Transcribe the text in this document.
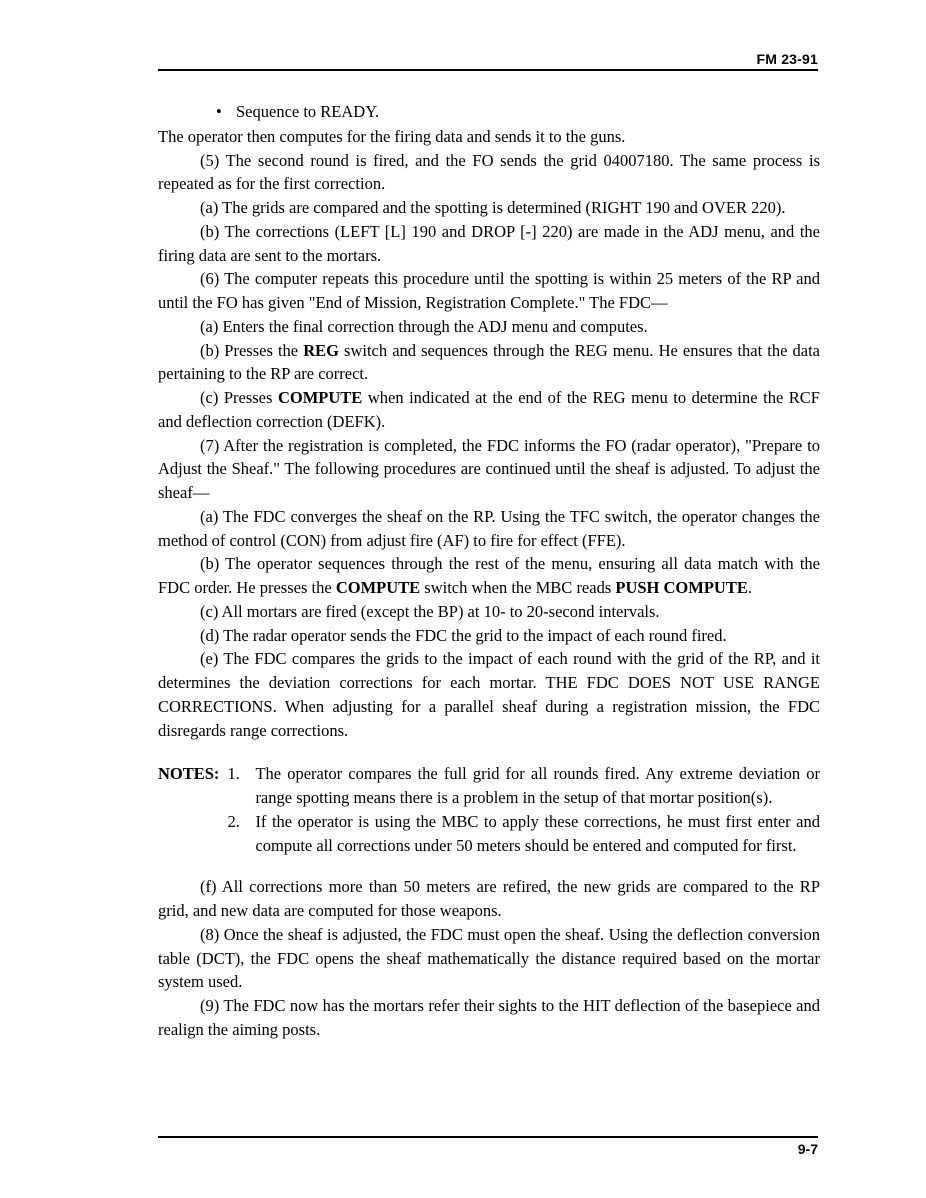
FM 23-91

• Sequence to READY.

The operator then computes for the firing data and sends it to the guns.

(5) The second round is fired, and the FO sends the grid 04007180. The same process is repeated as for the first correction.

(a) The grids are compared and the spotting is determined (RIGHT 190 and OVER 220).

(b) The corrections (LEFT [L] 190 and DROP [-] 220) are made in the ADJ menu, and the firing data are sent to the mortars.

(6) The computer repeats this procedure until the spotting is within 25 meters of the RP and until the FO has given "End of Mission, Registration Complete." The FDC—

(a) Enters the final correction through the ADJ menu and computes.

(b) Presses the REG switch and sequences through the REG menu. He ensures that the data pertaining to the RP are correct.

(c) Presses COMPUTE when indicated at the end of the REG menu to determine the RCF and deflection correction (DEFK).

(7) After the registration is completed, the FDC informs the FO (radar operator), "Prepare to Adjust the Sheaf." The following procedures are continued until the sheaf is adjusted. To adjust the sheaf—

(a) The FDC converges the sheaf on the RP. Using the TFC switch, the operator changes the method of control (CON) from adjust fire (AF) to fire for effect (FFE).

(b) The operator sequences through the rest of the menu, ensuring all data match with the FDC order. He presses the COMPUTE switch when the MBC reads PUSH COMPUTE.

(c) All mortars are fired (except the BP) at 10- to 20-second intervals.

(d) The radar operator sends the FDC the grid to the impact of each round fired.

(e) The FDC compares the grids to the impact of each round with the grid of the RP, and it determines the deviation corrections for each mortar. THE FDC DOES NOT USE RANGE CORRECTIONS. When adjusting for a parallel sheaf during a registration mission, the FDC disregards range corrections.

NOTES: 1. The operator compares the full grid for all rounds fired. Any extreme deviation or range spotting means there is a problem in the setup of that mortar position(s).
2. If the operator is using the MBC to apply these corrections, he must first enter and compute all corrections under 50 meters should be entered and computed for first.

(f) All corrections more than 50 meters are refired, the new grids are compared to the RP grid, and new data are computed for those weapons.

(8) Once the sheaf is adjusted, the FDC must open the sheaf. Using the deflection conversion table (DCT), the FDC opens the sheaf mathematically the distance required based on the mortar system used.

(9) The FDC now has the mortars refer their sights to the HIT deflection of the basepiece and realign the aiming posts.

9-7
